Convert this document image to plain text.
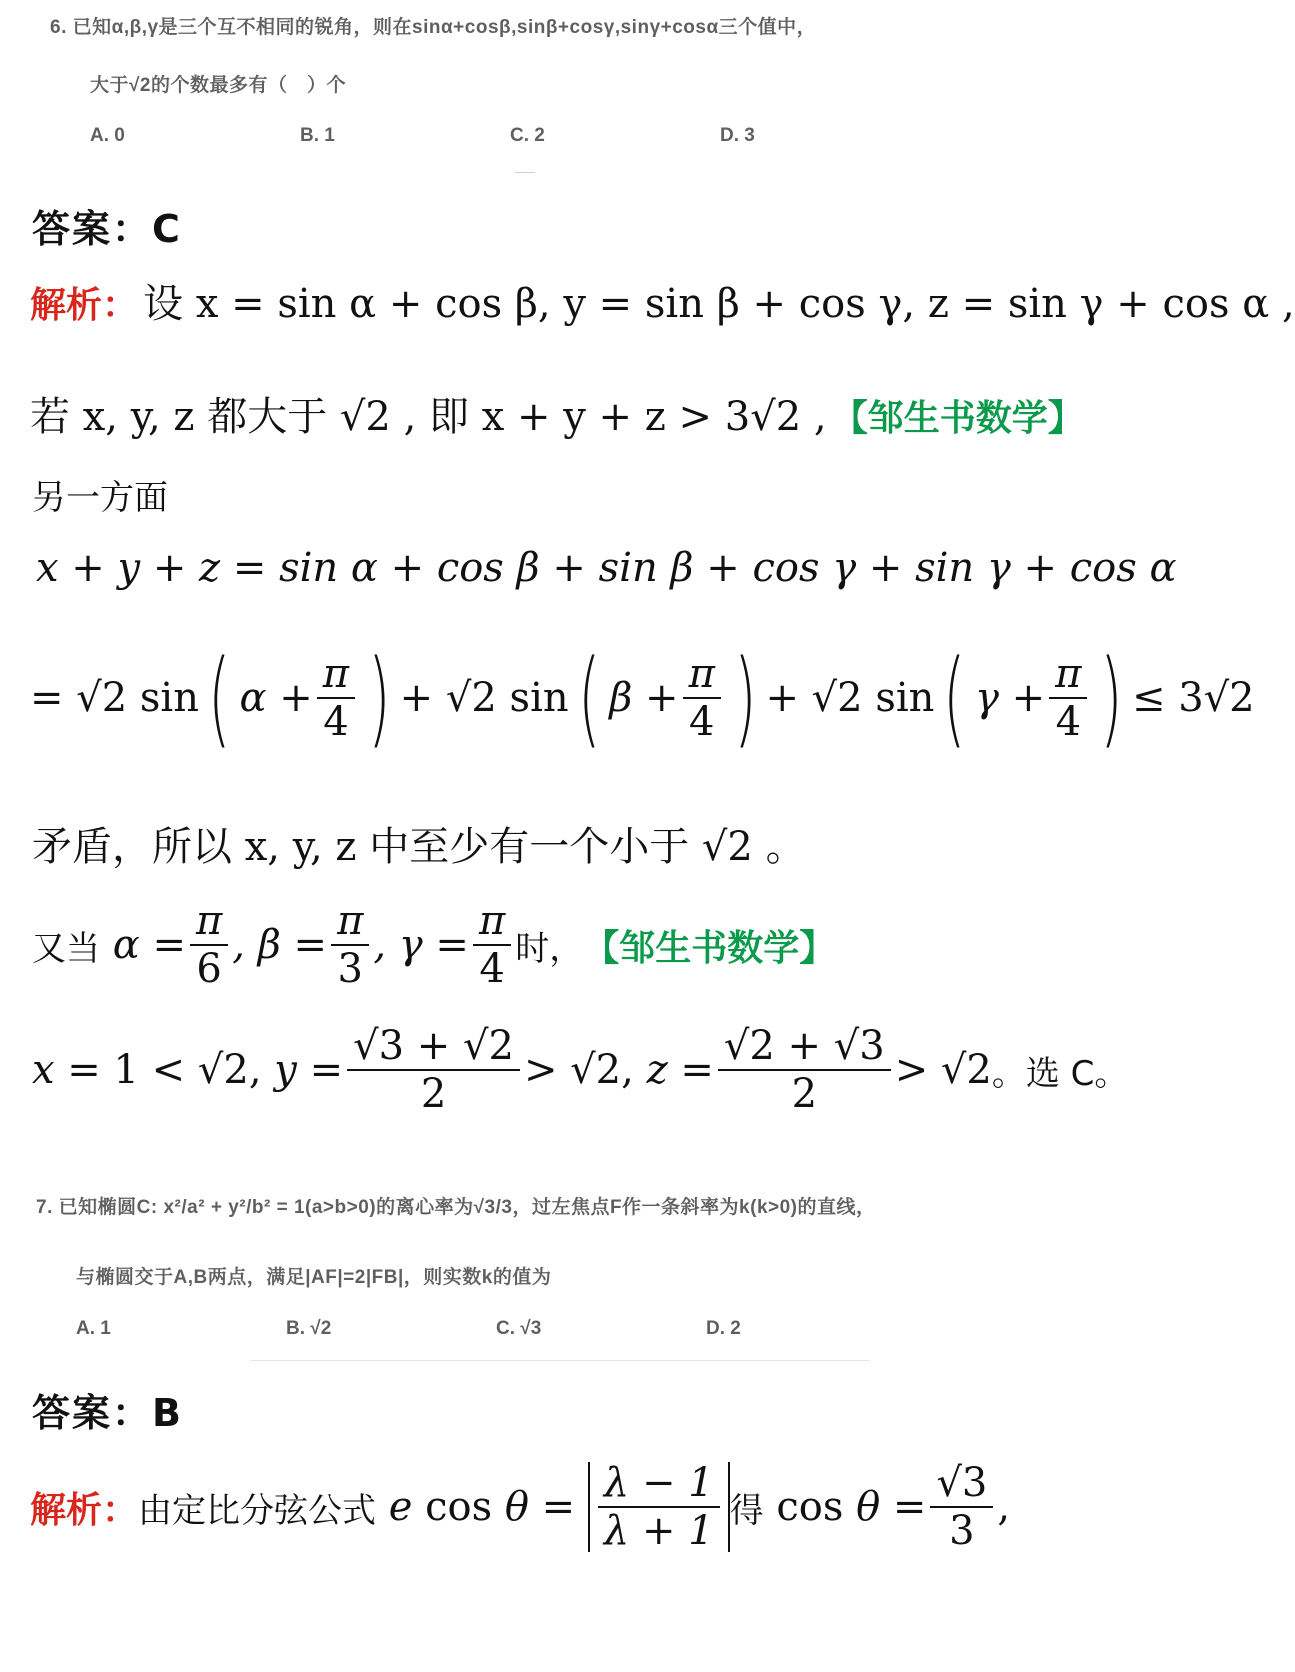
6. 已知α,β,γ是三个互不相同的锐角，则在sinα+cosβ,sinβ+cosγ,sinγ+cosα三个值中，
大于√2的个数最多有（　）个
A. 0	B. 1	C. 2	D. 3
答案：C
解析： 设 x = sin α + cos β, y = sin β + cos γ, z = sin γ + cos α ,
若 x, y, z 都大于 √2 , 即 x + y + z > 3√2 , 【邹生书数学】
另一方面
x + y + z = sin α + cos β + sin β + cos γ + sin γ + cos α
= √2 sin ( $\alpha + \frac{\pi}{4}$ ) + √2 sin ( $\beta + \frac{\pi}{4}$ ) + √2 sin ( $\gamma + \frac{\pi}{4}$ ) ≤ 3√2
矛盾，所以 x, y, z 中至少有一个小于 √2 。
又当 $\alpha = \frac{\pi}{6}$ , $\beta = \frac{\pi}{3}$ , $\gamma = \frac{\pi}{4}$ 时， 【邹生书数学】
x = 1 < √2, $y = \frac{√3 + √2}{2} > √2$, $z = \frac{√2 + √3}{2} > √2$ 。选 C。
7. 已知椭圆C: x²/a² + y²/b² = 1(a>b>0)的离心率为√3/3，过左焦点F作一条斜率为k(k>0)的直线，
与椭圆交于A,B两点，满足|AF|=2|FB|，则实数k的值为
A. 1	B. √2	C. √3	D. 2
答案：B
解析： 由定比分弦公式 e $\cos \theta = \frac{\lambda - 1}{\lambda + 1}$ 得 $\cos \theta = \frac{√3}{3}$ ,
